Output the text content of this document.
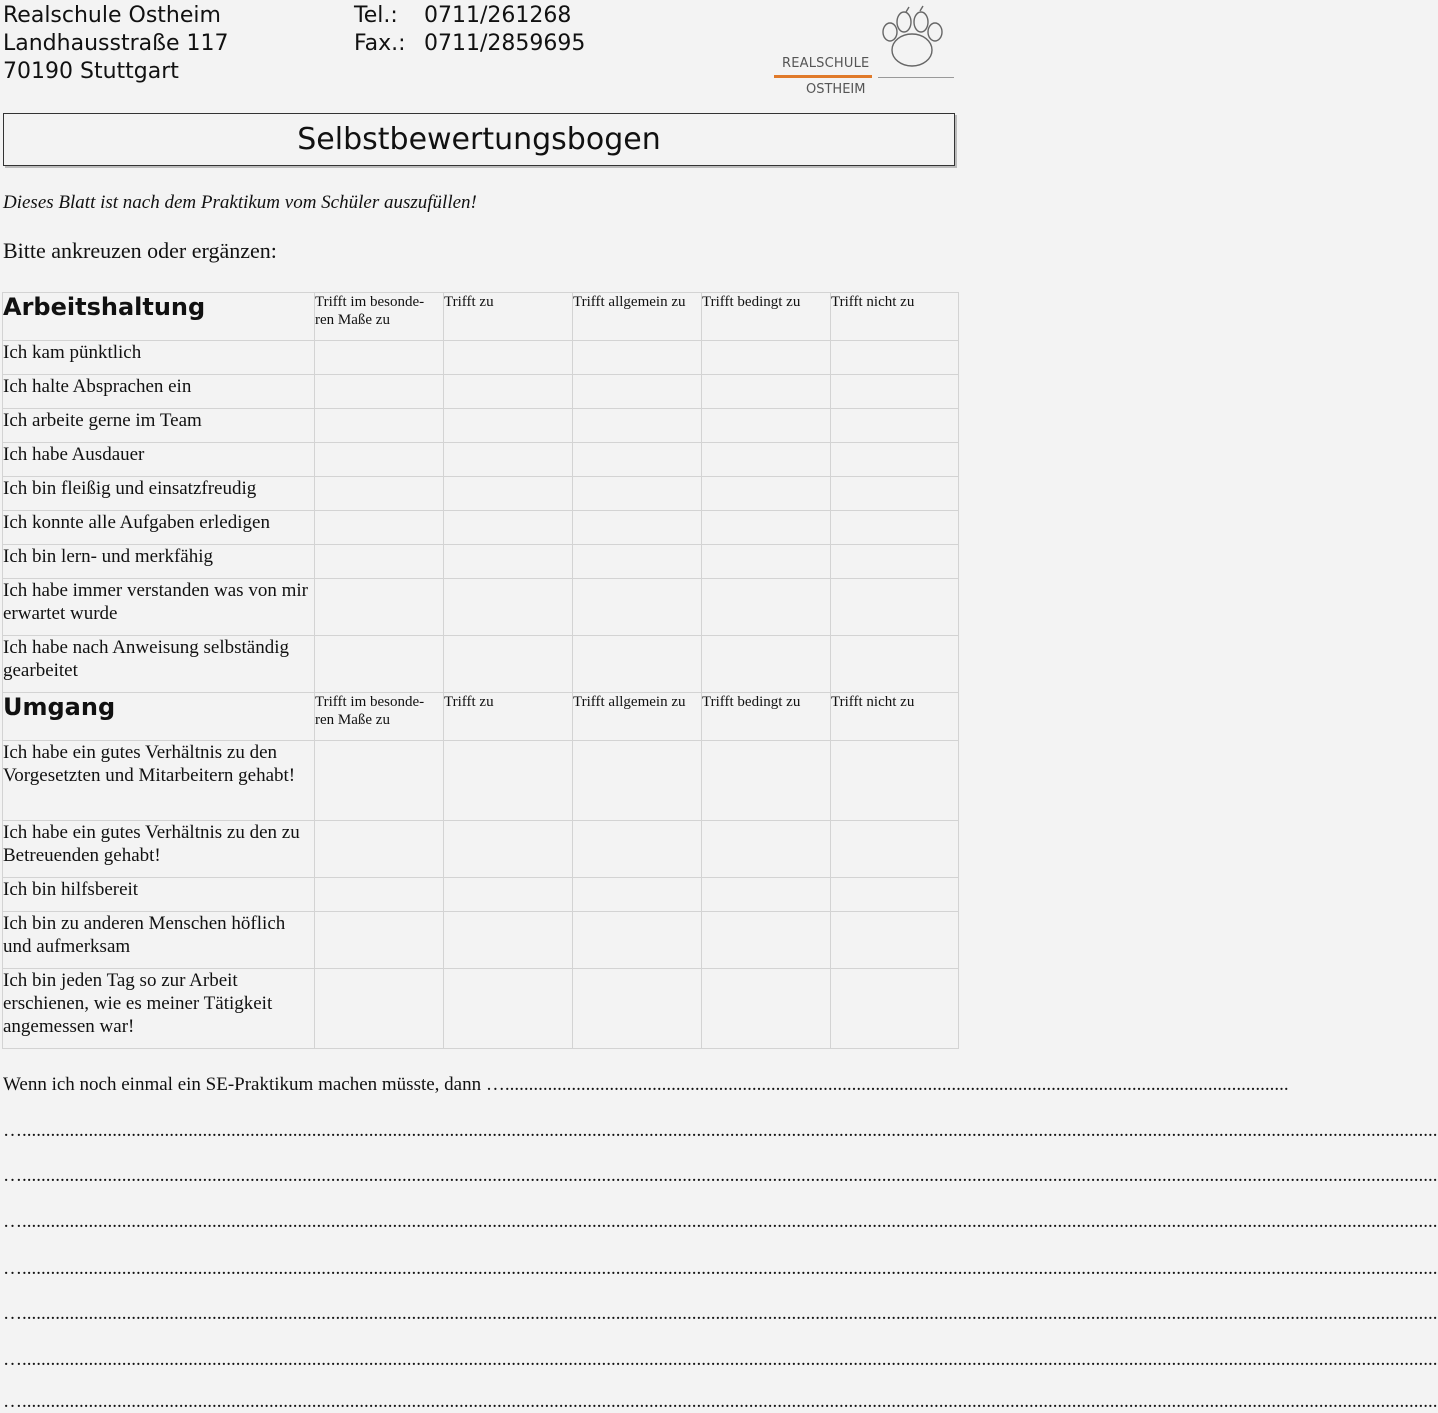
Realschule Ostheim
Landhausstraße 117
70190 Stuttgart
Tel.: 0711/261268
Fax.: 0711/2859695
REALSCHULE
OSTHEIM
Selbstbewertungsbogen
Dieses Blatt ist nach dem Praktikum vom Schüler auszufüllen!
Bitte ankreuzen oder ergänzen:
Arbeitshaltung	Trifft im besonde-ren Maße zu	Trifft zu	Trifft allgemein zu	Trifft bedingt zu	Trifft nicht zu
Ich kam pünktlich					
Ich halte Absprachen ein					
Ich arbeite gerne im Team					
Ich habe Ausdauer					
Ich bin fleißig und einsatzfreudig					
Ich konnte alle Aufgaben erledigen					
Ich bin lern- und merkfähig					
Ich habe immer verstanden was von mir erwartet wurde					
Ich habe nach Anweisung selbständig gearbeitet					
Umgang	Trifft im besonde-ren Maße zu	Trifft zu	Trifft allgemein zu	Trifft bedingt zu	Trifft nicht zu
Ich habe ein gutes Verhältnis zu den Vorgesetzten und Mitarbeitern gehabt!					
Ich habe ein gutes Verhältnis zu den zu Betreuenden gehabt!					
Ich bin hilfsbereit					
Ich bin zu anderen Menschen höflich und aufmerksam					
Ich bin jeden Tag so zur Arbeit erschienen, wie es meiner Tätigkeit angemessen war!					
Wenn ich noch einmal ein SE-Praktikum machen müsste, dann ….....................................................................................................................................................................
…..........................................................................................................................................................................................................................................................................................................
…..........................................................................................................................................................................................................................................................................................................
…..........................................................................................................................................................................................................................................................................................................
…..........................................................................................................................................................................................................................................................................................................
…..........................................................................................................................................................................................................................................................................................................
…..........................................................................................................................................................................................................................................................................................................
…..........................................................................................................................................................................................................................................................................................................
